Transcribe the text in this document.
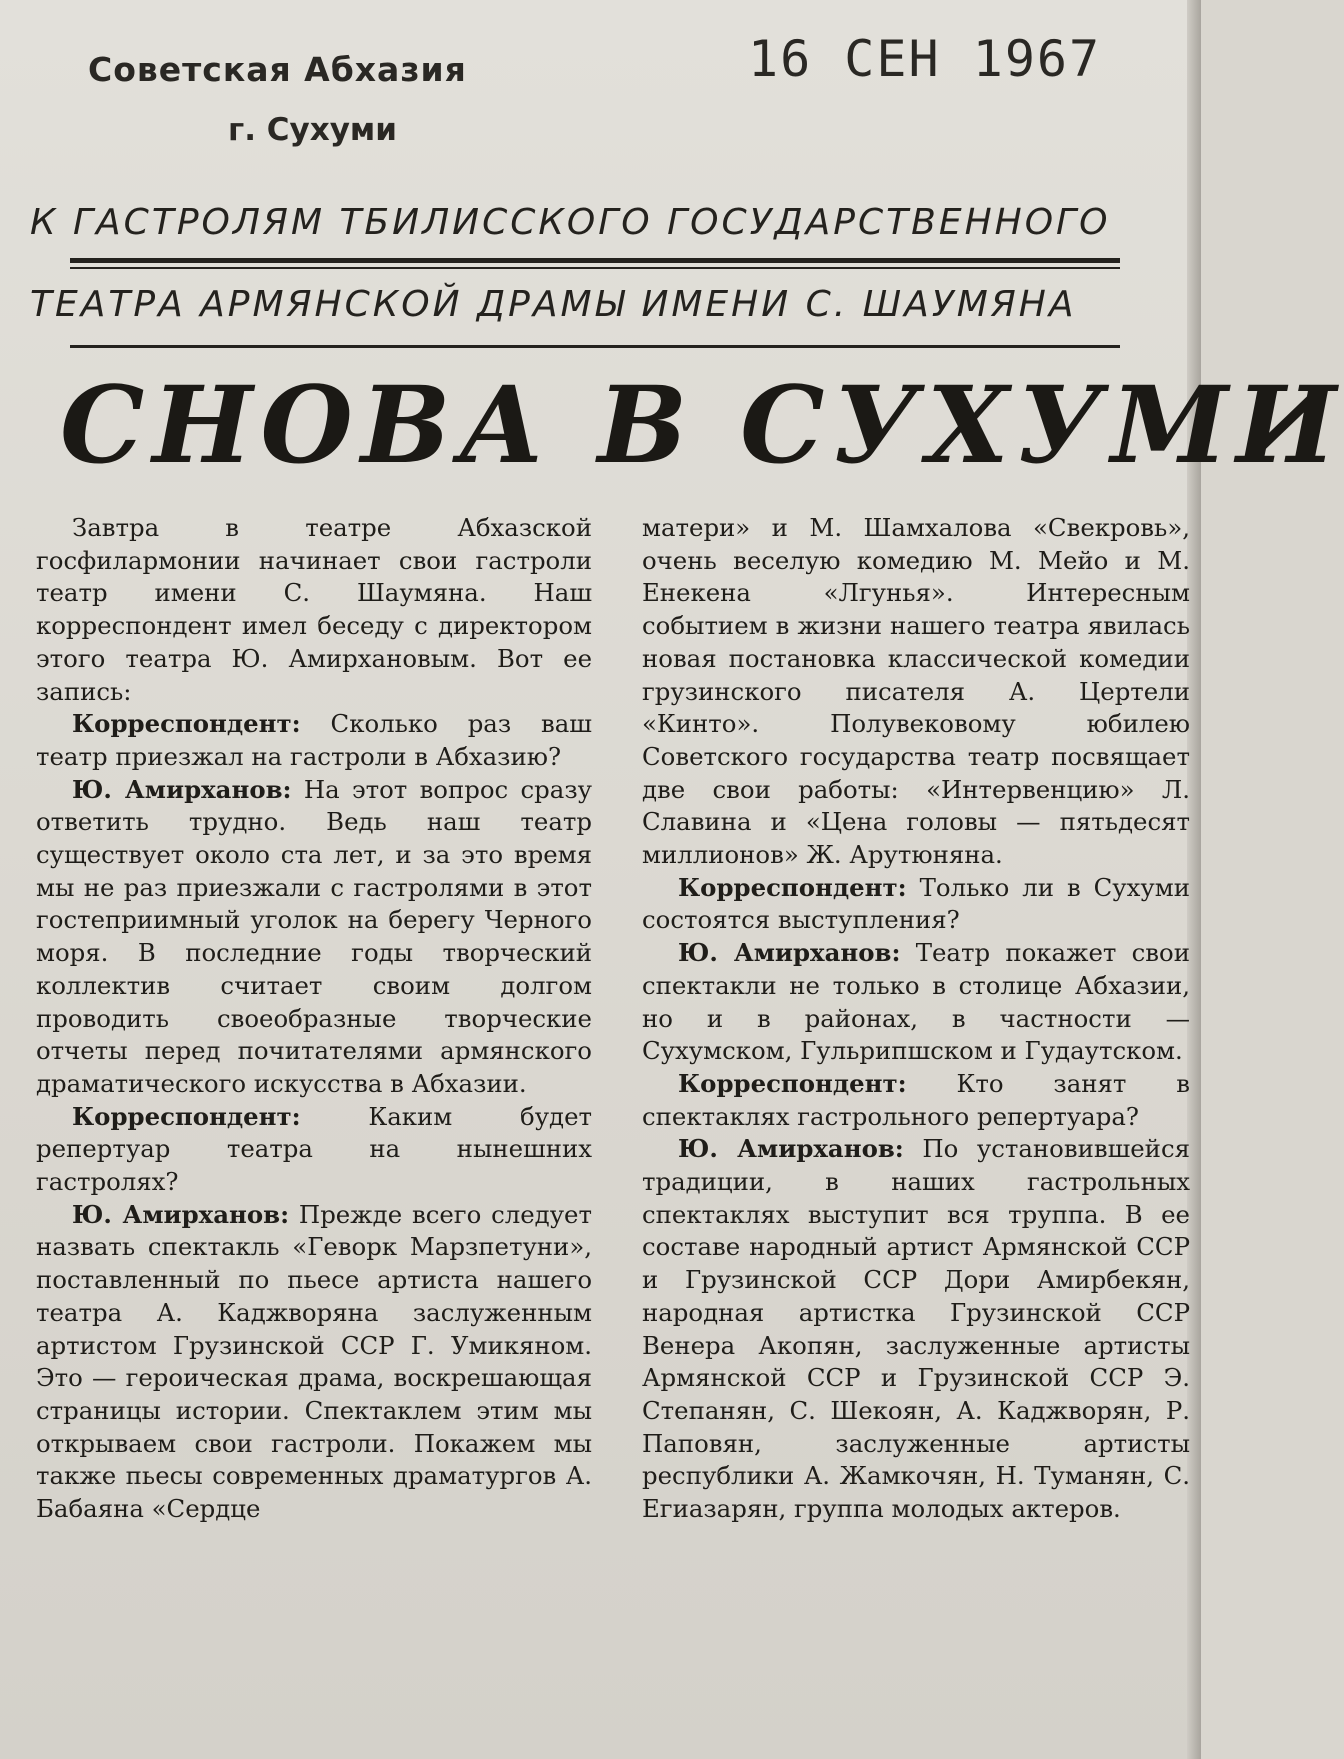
Советская Абхазия
г. Сухуми
16 СЕН 1967
К ГАСТРОЛЯМ ТБИЛИССКОГО ГОСУДАРСТВЕННОГО
ТЕАТРА АРМЯНСКОЙ ДРАМЫ ИМЕНИ С. ШАУМЯНА
СНОВА В СУХУМИ

Завтра в театре Абхазской госфилармонии начинает свои гастроли театр имени С. Шаумяна. Наш корреспондент имел беседу с директором этого театра Ю. Амирхановым. Вот ее запись:

Корреспондент: Сколько раз ваш театр приезжал на гастроли в Абхазию?

Ю. Амирханов: На этот вопрос сразу ответить трудно. Ведь наш театр существует около ста лет, и за это время мы не раз приезжали с гастролями в этот гостеприимный уголок на берегу Черного моря. В последние годы творческий коллектив считает своим долгом проводить своеобразные творческие отчеты перед почитателями армянского драматического искусства в Абхазии.

Корреспондент:	Каким будет репертуар театра на нынешних гастролях?

Ю. Амирханов: Прежде всего следует назвать спектакль «Геворк Марзпетуни», поставленный по пьесе артиста нашего театра А. Каджворяна заслуженным артистом Грузинской ССР Г. Умикяном. Это — героическая драма, воскрешающая страницы истории. Спектаклем этим мы открываем свои гастроли. Покажем мы также пьесы современных драматургов А. Бабаяна «Сердце

матери» и М. Шамхалова «Свекровь», очень веселую комедию М. Мейо и М. Енекена «Лгунья». Интересным событием в жизни нашего театра явилась новая постановка классической комедии грузинского писателя А. Цертели «Кинто». Полувековому юбилею Советского государства театр посвящает две свои работы: «Интервенцию» Л. Славина и «Цена головы — пятьдесят миллионов» Ж. Арутюняна.

Корреспондент: Только ли в Сухуми состоятся выступления?

Ю. Амирханов: Театр покажет свои спектакли не только в столице Абхазии, но и в районах, в частности — Сухумском, Гульрипшском и Гудаутском.

Корреспондент: Кто занят в спектаклях гастрольного репертуара?

Ю. Амирханов: По установившейся традиции, в наших гастрольных спектаклях выступит вся труппа. В ее составе народный артист Армянской ССР и Грузинской ССР Дори Амирбекян, народная артистка Грузинской ССР Венера Акопян, заслуженные артисты Армянской ССР и Грузинской ССР Э. Степанян, С. Шекоян, А. Каджворян, Р. Паповян, заслуженные артисты республики А. Жамкочян, Н. Туманян, С. Егиазарян, группа молодых актеров.
